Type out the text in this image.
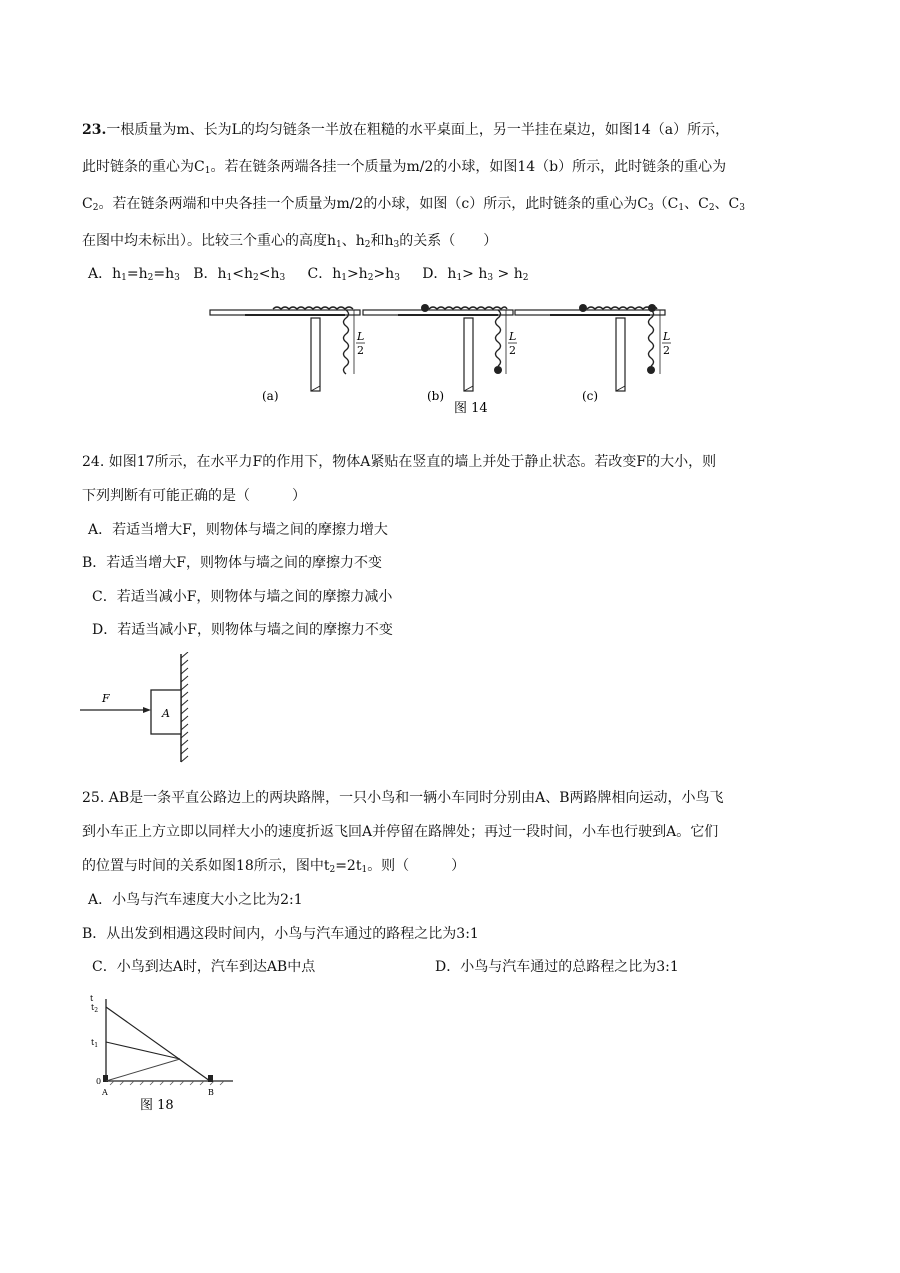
23.一根质量为m、长为L的均匀链条一半放在粗糙的水平桌面上，另一半挂在桌边，如图14（a）所示，
此时链条的重心为$C_1$。若在链条两端各挂一个质量为m/2的小球，如图14（b）所示，此时链条的重心为
$C_2$。若在链条两端和中央各挂一个质量为m/2的小球，如图（c）所示，此时链条的重心为$C_3(C_1$、$C_2$、$C_3$
在图中均未标出）。比较三个重心的高度$h_1$、$h_2$和$h_3$的关系（　　）
A．$h_1=h_2=h_3$ B．$h_1<h_2<h_3$ C．$h_1>h_2>h_3$ D．$h_1> h_3 > h_2$
L
2
(a)
L
2
(b)
L
2
(c)
图 14
24. 如图17所示，在水平力F的作用下，物体A紧贴在竖直的墙上并处于静止状态。若改变F的大小，则
下列判断有可能正确的是（　　　）
A．若适当增大F，则物体与墙之间的摩擦力增大
B．若适当增大F，则物体与墙之间的摩擦力不变
C．若适当减小F，则物体与墙之间的摩擦力减小
D．若适当减小F，则物体与墙之间的摩擦力不变
A
F
25. AB是一条平直公路边上的两块路牌，一只小鸟和一辆小车同时分别由A、B两路牌相向运动，小鸟飞
到小车正上方立即以同样大小的速度折返飞回A并停留在路牌处；再过一段时间，小车也行驶到A。它们
的位置与时间的关系如图18所示，图中$t_2=2t_1$。则（　　　）
A．小鸟与汽车速度大小之比为2:1
B．从出发到相遇这段时间内，小鸟与汽车通过的路程之比为3:1
C．小鸟到达A时，汽车到达AB中点	D．小鸟与汽车通过的总路程之比为3:1
t
$t_2$
$t_1$
0
A	B
图 18
